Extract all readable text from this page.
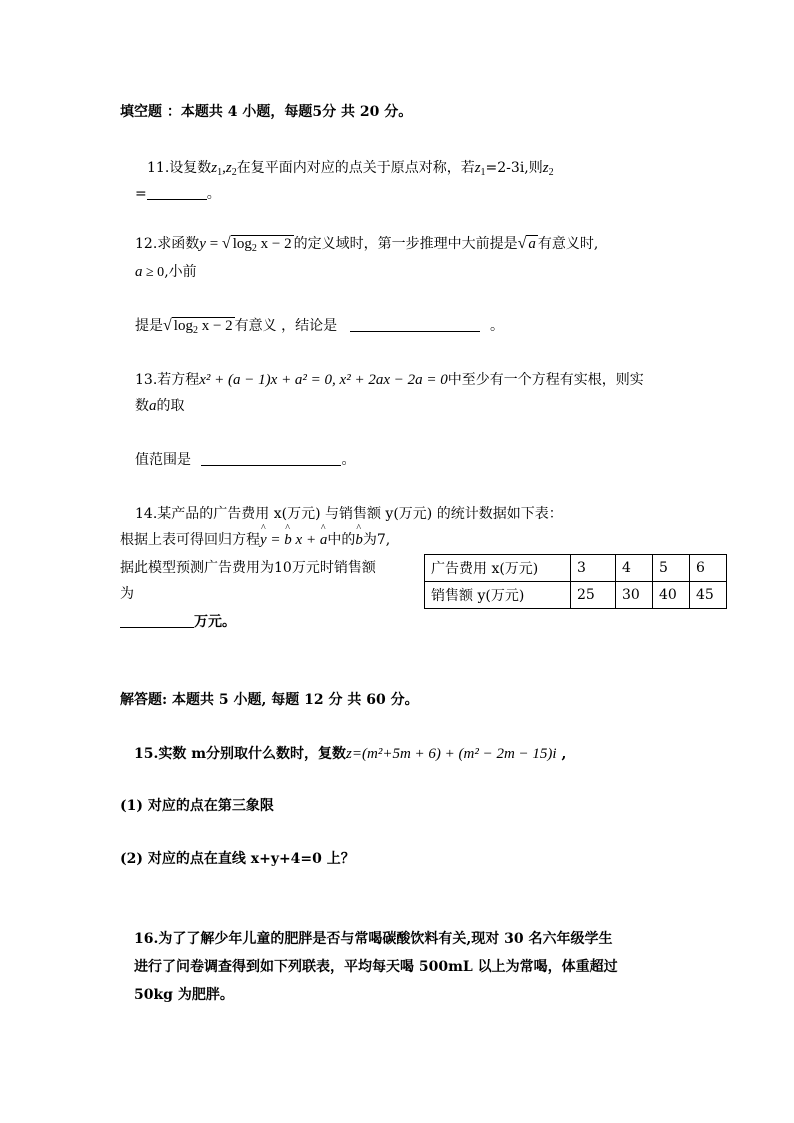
填空题 ：本题共 4 小题，每题5分 共 20 分。
11.设复数$z_1,z_2$在复平面内对应的点关于原点对称，若$z_1=2-3i$,则$z_2$
=	。
12.求函数y = √ $\log_2 x - 2$ 的定义域时，第一步推理中大前提是√ a 有意义时,
a ≥ 0,小前
提是√ $\log_2 x - 2$ 有意义 ，结论是	。
13.若方程x² + (a − 1)x + a² = 0, x² + 2ax − 2a = 0中至少有一个方程有实根，则实
数a的取
值范围是	。
14.某产品的广告费用 x(万元) 与销售额 y(万元) 的统计数据如下表：
根据上表可得回归方程^ y = ^ b x + ^ a中的^ b为7,
据此模型预测广告费用为10万元时销售额
为
万元。
广告费用 x(万元)	3	4	5	6
销售额 y(万元)	25	30	40	45
解答题: 本题共 5 小题, 每题 12 分 共 60 分。
15.实数 m分别取什么数时，复数z=(m²+5m + 6) + (m² − 2m − 15)i ,
(1) 对应的点在第三象限
(2) 对应的点在直线 x+y+4=0 上？
16.为了了解少年儿童的肥胖是否与常喝碳酸饮料有关,现对 30 名六年级学生
进行了问卷调查得到如下列联表，平均每天喝 500mL 以上为常喝，体重超过
50kg 为肥胖。
